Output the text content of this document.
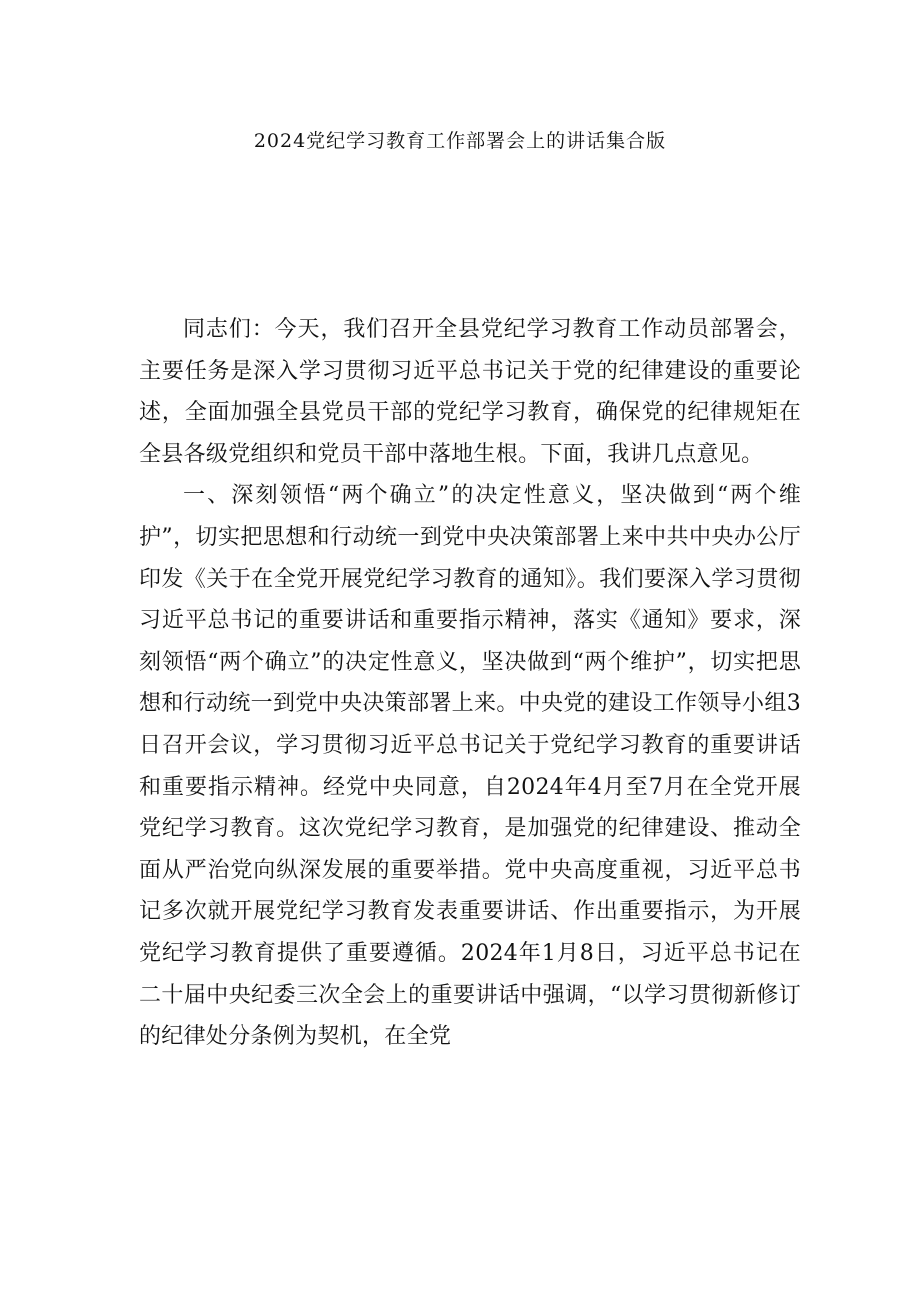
2024党纪学习教育工作部署会上的讲话集合版

同志们：今天，我们召开全县党纪学习教育工作动员部署会，主要任务是深入学习贯彻习近平总书记关于党的纪律建设的重要论述，全面加强全县党员干部的党纪学习教育，确保党的纪律规矩在全县各级党组织和党员干部中落地生根。下面，我讲几点意见。

一、深刻领悟“两个确立”的决定性意义，坚决做到“两个维护”，切实把思想和行动统一到党中央决策部署上来中共中央办公厅印发《关于在全党开展党纪学习教育的通知》。我们要深入学习贯彻习近平总书记的重要讲话和重要指示精神，落实《通知》要求，深刻领悟“两个确立”的决定性意义，坚决做到“两个维护”，切实把思想和行动统一到党中央决策部署上来。中央党的建设工作领导小组3日召开会议，学习贯彻习近平总书记关于党纪学习教育的重要讲话和重要指示精神。经党中央同意，自2024年4月至7月在全党开展党纪学习教育。这次党纪学习教育，是加强党的纪律建设、推动全面从严治党向纵深发展的重要举措。党中央高度重视，习近平总书记多次就开展党纪学习教育发表重要讲话、作出重要指示，为开展党纪学习教育提供了重要遵循。2024年1月8日，习近平总书记在二十届中央纪委三次全会上的重要讲话中强调，“以学习贯彻新修订的纪律处分条例为契机，在全党
